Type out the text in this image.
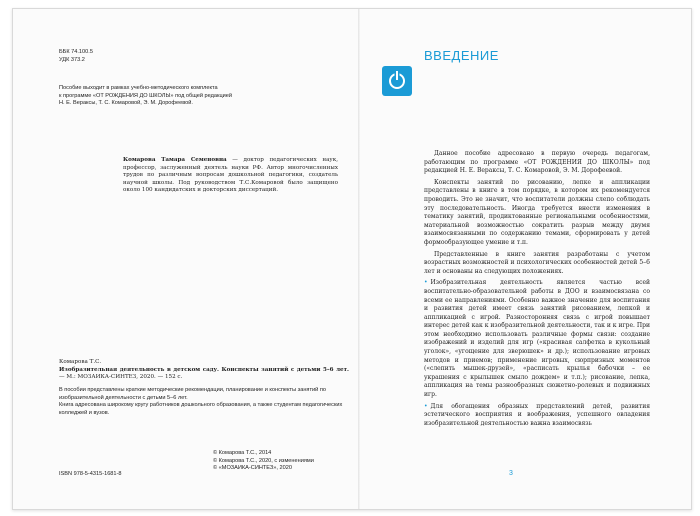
ББК 74.100.5
УДК 373.2
Пособие выходит в рамках учебно-методического комплекта
к программе «ОТ РОЖДЕНИЯ ДО ШКОЛЫ» под общей редакцией
Н. Е. Вераксы, Т. С. Комаровой, Э. М. Дорофеевой.
Комарова Тамара Семеновна — доктор педагогических наук, профессор, заслуженный деятель науки РФ. Автор многочисленных трудов по различным вопросам дошкольной педагогики, создатель научной школы. Под руководством Т.С.Комаровой было защищено около 100 кандидатских и докторских диссертаций.
Комарова Т.С.
Изобразительная деятельность в детском саду. Конспекты занятий с детьми 5–6 лет. — М.: МОЗАИКА-СИНТЕЗ, 2020. — 152 с.
В пособии представлены краткие методические рекомендации, планирование и конспекты занятий по изобразительной деятельности с детьми 5–6 лет.
Книга адресована широкому кругу работников дошкольного образования, а также студентам педагогических колледжей и вузов.
ISBN 978-5-4315-1681-8
© Комарова Т.С., 2014
© Комарова Т.С., 2020, с изменениями
© «МОЗАИКА-СИНТЕЗ», 2020
ВВЕДЕНИЕ

Данное пособие адресовано в первую очередь педагогам, работающим по программе «ОТ РОЖДЕНИЯ ДО ШКОЛЫ» под редакцией Н. Е. Вераксы, Т. С. Комаровой, Э. М. Дорофеевой.

Конспекты занятий по рисованию, лепке и аппликации представлены в книге в том порядке, в котором их рекомендуется проводить. Это не значит, что воспитатели должны слепо соблюдать эту последовательность. Иногда требуется внести изменения в тематику занятий, продиктованные региональными особенностями, материальной возможностью сократить разрыв между двумя взаимосвязанными по содержанию темами, сформировать у детей формообразующее умение и т.п.

Представленные в книге занятия разработаны с учетом возрастных возможностей и психологических особенностей детей 5–6 лет и основаны на следующих положениях.

• Изобразительная деятельность является частью всей воспитательно-образовательной работы в ДОО и взаимосвязана со всеми ее направлениями. Особенно важное значение для воспитания и развития детей имеет связь занятий рисованием, лепкой и аппликацией с игрой. Разносторонняя связь с игрой повышает интерес детей как к изобразительной деятельности, так и к игре. При этом необходимо использовать различные формы связи: создание изображений и изделий для игр («красивая салфетка в кукольный уголок», «угощение для зверюшек» и др.); использование игровых методов и приемов; применение игровых, сюрпризных моментов («слепить мышек-друзей», «расписать крылья бабочки – ее украшения с крылышек смыло дождем» и т.п.); рисование, лепка, аппликация на темы разнообразных сюжетно-ролевых и подвижных игр.

• Для обогащения образных представлений детей, развития эстетического восприятия и воображения, успешного овладения изобразительной деятельностью важна взаимосвязь

3
